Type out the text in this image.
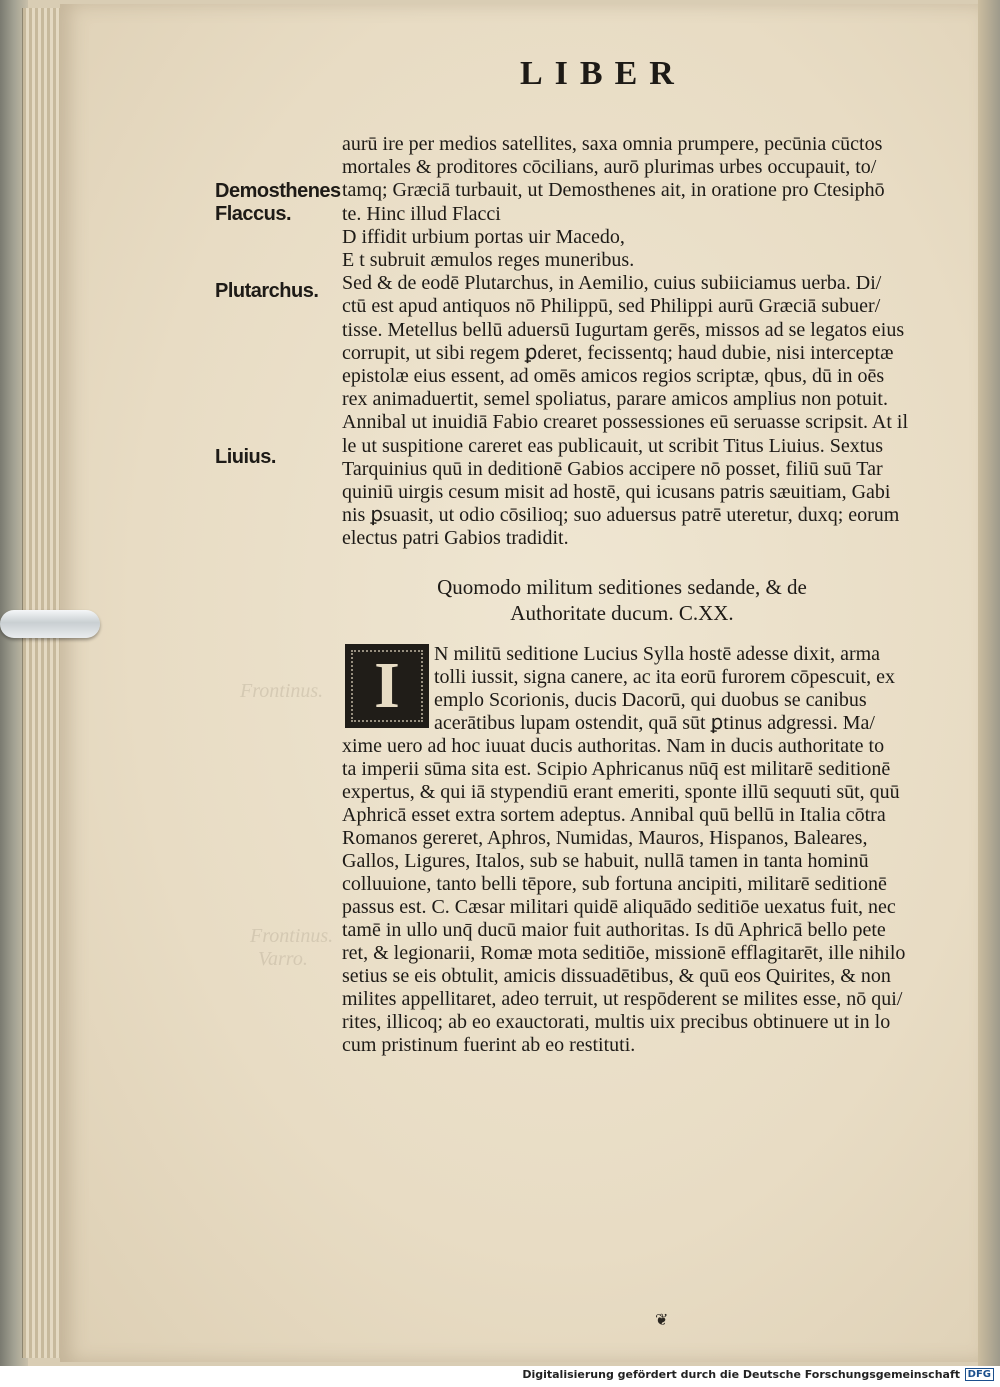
Frontinus.
Frontinus.
Varro.
LIBER
Demosthenes
Flaccus.
Plutarchus.
Liuius.
aurū ire per medios satellites, saxa omnia prumpere, pecūnia cūctos
mortales & proditores cōcilians, aurō plurimas urbes occupauit, to/
tamq; Græciā turbauit, ut Demosthenes ait, in oratione pro Ctesiphō
te. Hinc illud Flacci
D iffidit urbium portas uir Macedo,
E t subruit æmulos reges muneribus.
Sed & de eodē Plutarchus, in Aemilio, cuius subiiciamus uerba. Di/
ctū est apud antiquos nō Philippū, sed Philippi aurū Græciā subuer/
tisse. Metellus bellū aduersū Iugurtam gerēs, missos ad se legatos eius
corrupit, ut sibi regem ꝑderet, fecissentq; haud dubie, nisi interceptæ
epistolæ eius essent, ad omēs amicos regios scriptæ, qbus, dū in oēs
rex animaduertit, semel spoliatus, parare amicos amplius non potuit.
Annibal ut inuidiā Fabio crearet possessiones eū seruasse scripsit. At il
le ut suspitione careret eas publicauit, ut scribit Titus Liuius. Sextus
Tarquinius quū in deditionē Gabios accipere nō posset, filiū suū Tar
quiniū uirgis cesum misit ad hostē, qui icusans patris sæuitiam, Gabi
nis ꝑsuasit, ut odio cōsilioq; suo aduersus patrē uteretur, duxq; eorum
electus patri Gabios tradidit.
Quomodo militum seditiones sedande, & de
Authoritate ducum. C.XX.
I	N militū seditione Lucius Sylla hostē adesse dixit, arma
tolli iussit, signa canere, ac ita eorū furorem cōpescuit, ex
emplo Scorionis, ducis Dacorū, qui duobus se canibus
acerātibus lupam ostendit, quā sūt ꝑtinus adgressi. Ma/
xime uero ad hoc iuuat ducis authoritas. Nam in ducis authoritate to
ta imperii sūma sita est. Scipio Aphricanus nūq̄ est militarē seditionē
expertus, & qui iā stypendiū erant emeriti, sponte illū sequuti sūt, quū
Aphricā esset extra sortem adeptus. Annibal quū bellū in Italia cōtra
Romanos gereret, Aphros, Numidas, Mauros, Hispanos, Baleares,
Gallos, Ligures, Italos, sub se habuit, nullā tamen in tanta hominū
colluuione, tanto belli tēpore, sub fortuna ancipiti, militarē seditionē
passus est. C. Cæsar militari quidē aliquādo seditiōe uexatus fuit, nec
tamē in ullo unq̄ ducū maior fuit authoritas. Is dū Aphricā bello pete
ret, & legionarii, Romæ mota seditiōe, missionē efflagitarēt, ille nihilo
setius se eis obtulit, amicis dissuadētibus, & quū eos Quirites, & non
milites appellitaret, adeo terruit, ut respōderent se milites esse, nō qui/
rites, illicoq; ab eo exauctorati, multis uix precibus obtinuere ut in lo
cum pristinum fuerint ab eo restituti.
❦
Digitalisierung gefördert durch die Deutsche Forschungsgemeinschaft DFG
